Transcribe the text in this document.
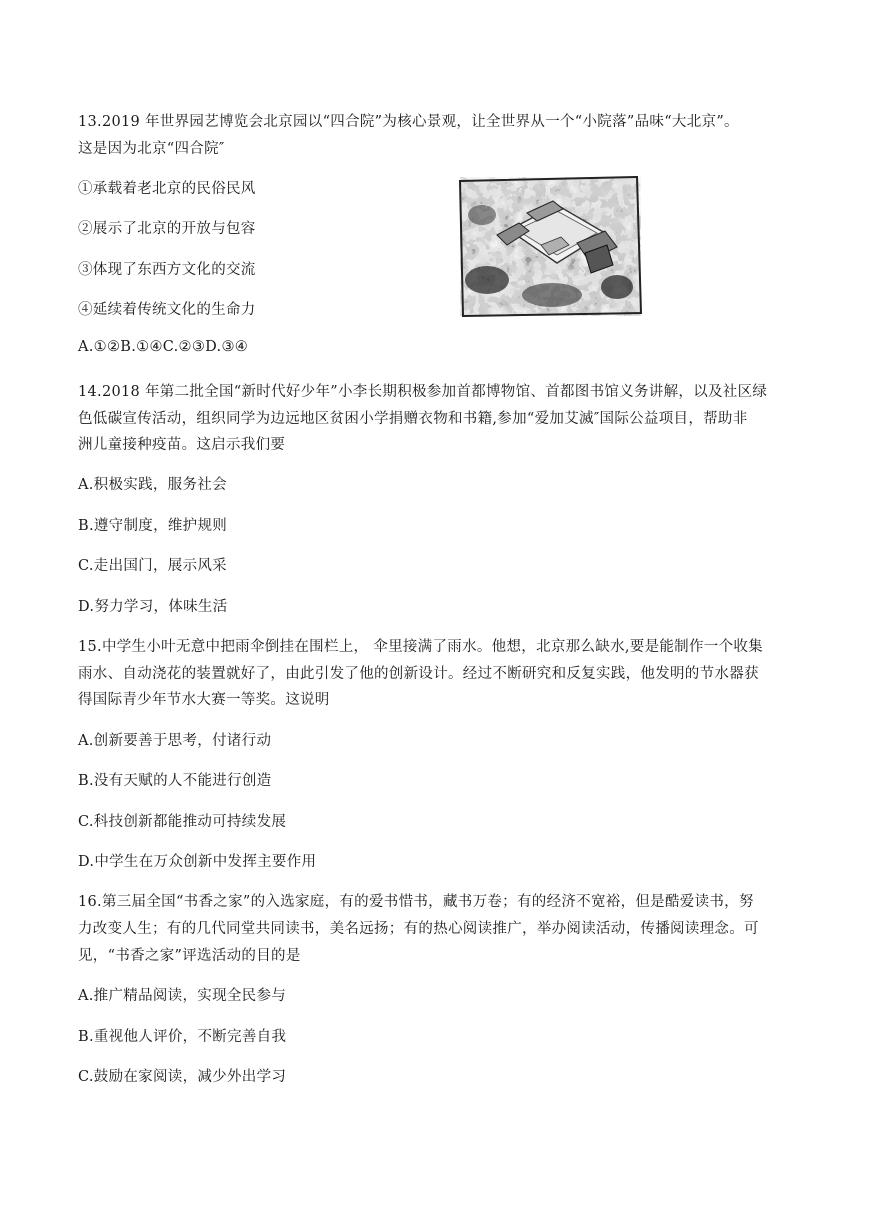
13.2019 年世界园艺博览会北京园以“四合院”为核心景观，让全世界从一个“小院落”品味“大北京”。
这是因为北京“四合院″
①承载着老北京的民俗民风
②展示了北京的开放与包容
③体现了东西方文化的交流
④延续着传统文化的生命力
A.①②B.①④C.②③D.③④
14.2018 年第二批全国“新时代好少年”小李长期积极参加首都博物馆、首都图书馆义务讲解，以及社区绿
色低碳宣传活动，组织同学为边远地区贫困小学捐赠衣物和书籍,参加“爱加艾滅″国际公益项目，帮助非
洲儿童接种疫苗。这启示我们要
A.积极实践，服务社会
B.遵守制度，维护规则
C.走出国门，展示风采
D.努力学习，体味生活
15.中学生小叶无意中把雨伞倒挂在围栏上， 伞里接满了雨水。他想，北京那么缺水,要是能制作一个收集
雨水、自动浇花的装置就好了，由此引发了他的创新设计。经过不断研究和反复实践，他发明的节水器获
得国际青少年节水大赛一等奖。这说明
A.创新要善于思考，付诸行动
B.没有天赋的人不能进行创造
C.科技创新都能推动可持续发展
D.中学生在万众创新中发挥主要作用
16.第三届全国“书香之家”的入选家庭，有的爱书惜书，藏书万卷；有的经济不宽裕，但是酷爱读书，努
力改变人生；有的几代同堂共同读书，美名远扬；有的热心阅读推广，举办阅读活动，传播阅读理念。可
见，“书香之家”评选活动的目的是
A.推广精品阅读，实现全民参与
B.重视他人评价，不断完善自我
C.鼓励在家阅读，减少外出学习
